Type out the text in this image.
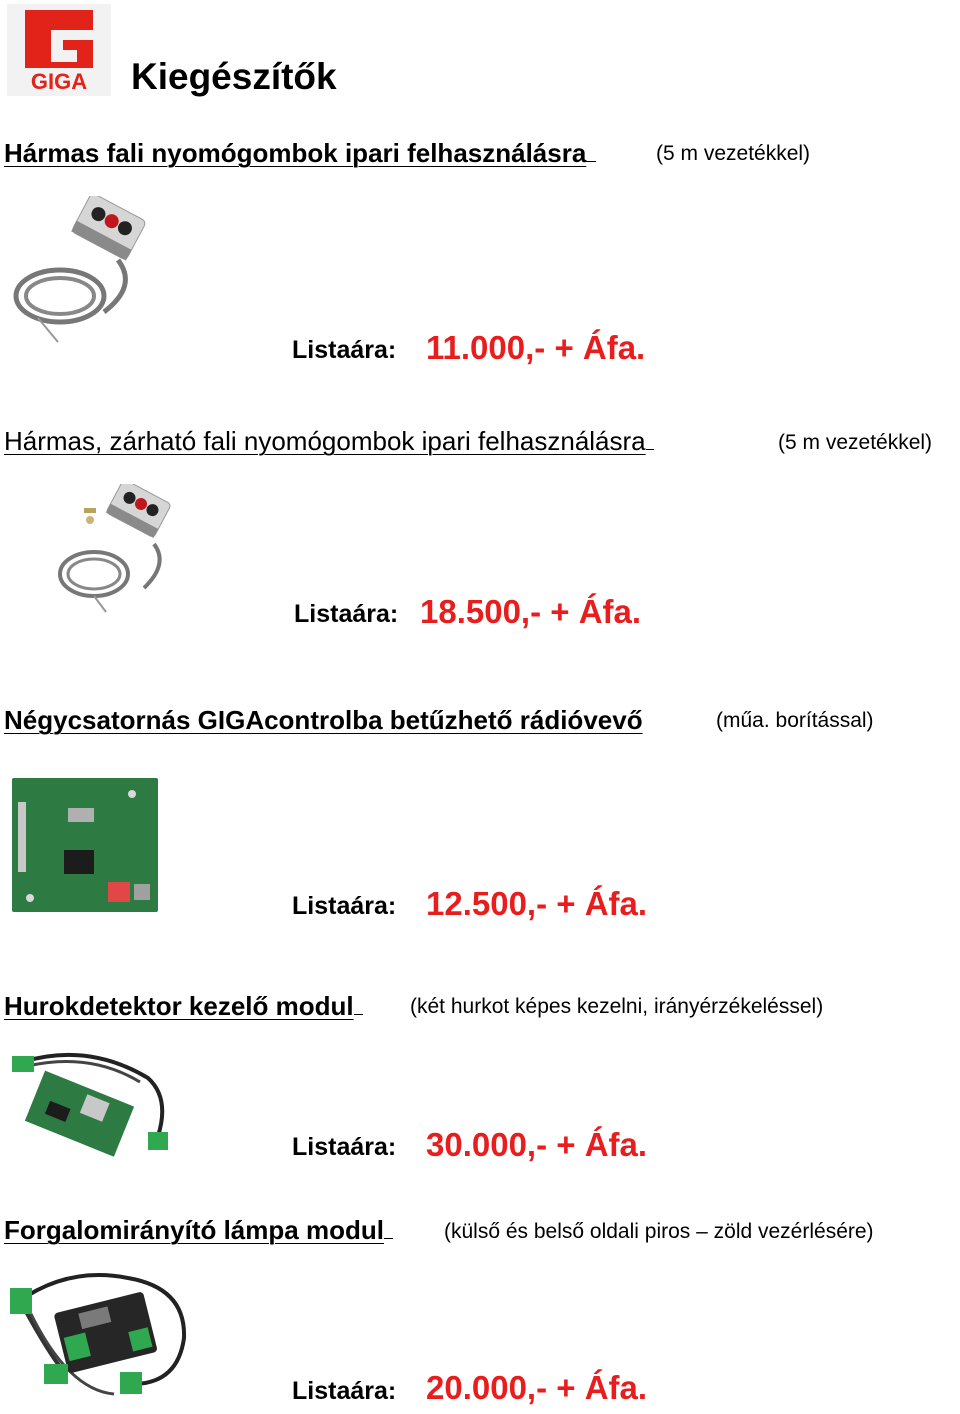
GIGA Kiegészítők
Hármas fali nyomógombok ipari felhasználásra	(5 m vezetékkel)
Listaára: 11.000,- + Áfa.
Hármas, zárható fali nyomógombok ipari felhasználásra	(5 m vezetékkel)
Listaára: 18.500,- + Áfa.
Négycsatornás GIGAcontrolba betűzhető rádióvevő	(műa. borítással)
Listaára: 12.500,- + Áfa.
Hurokdetektor kezelő modul	(két hurkot képes kezelni, irányérzékeléssel)
Listaára: 30.000,- + Áfa.
Forgalomirányító lámpa modul	(külső és belső oldali piros – zöld vezérlésére)
Listaára: 20.000,- + Áfa.
